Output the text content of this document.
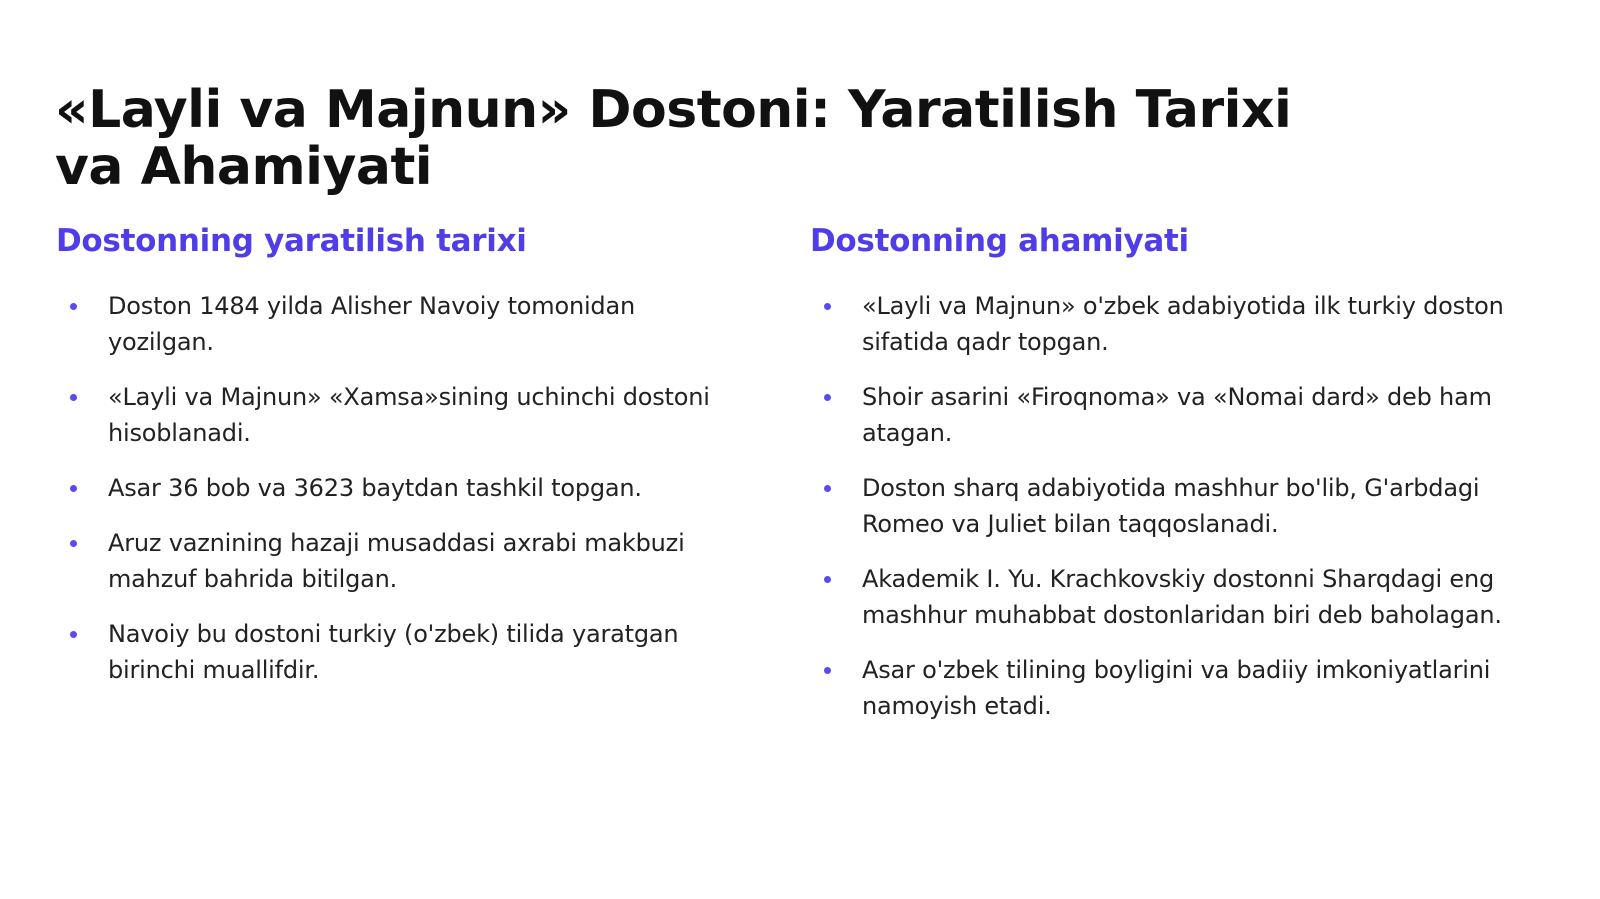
«Layli va Majnun» Dostoni: Yaratilish Tarixi va Ahamiyati
Dostonning yaratilish tarixi
Doston 1484 yilda Alisher Navoiy tomonidan yozilgan.
«Layli va Majnun» «Xamsa»sining uchinchi dostoni hisoblanadi.
Asar 36 bob va 3623 baytdan tashkil topgan.
Aruz vaznining hazaji musaddasi axrabi makbuzi mahzuf bahrida bitilgan.
Navoiy bu dostoni turkiy (o'zbek) tilida yaratgan birinchi muallifdir.
Dostonning ahamiyati
«Layli va Majnun» o'zbek adabiyotida ilk turkiy doston sifatida qadr topgan.
Shoir asarini «Firoqnoma» va «Nomai dard» deb ham atagan.
Doston sharq adabiyotida mashhur bo'lib, G'arbdagi Romeo va Juliet bilan taqqoslanadi.
Akademik I. Yu. Krachkovskiy dostonni Sharqdagi eng mashhur muhabbat dostonlaridan biri deb baholagan.
Asar o'zbek tilining boyligini va badiiy imkoniyatlarini namoyish etadi.
